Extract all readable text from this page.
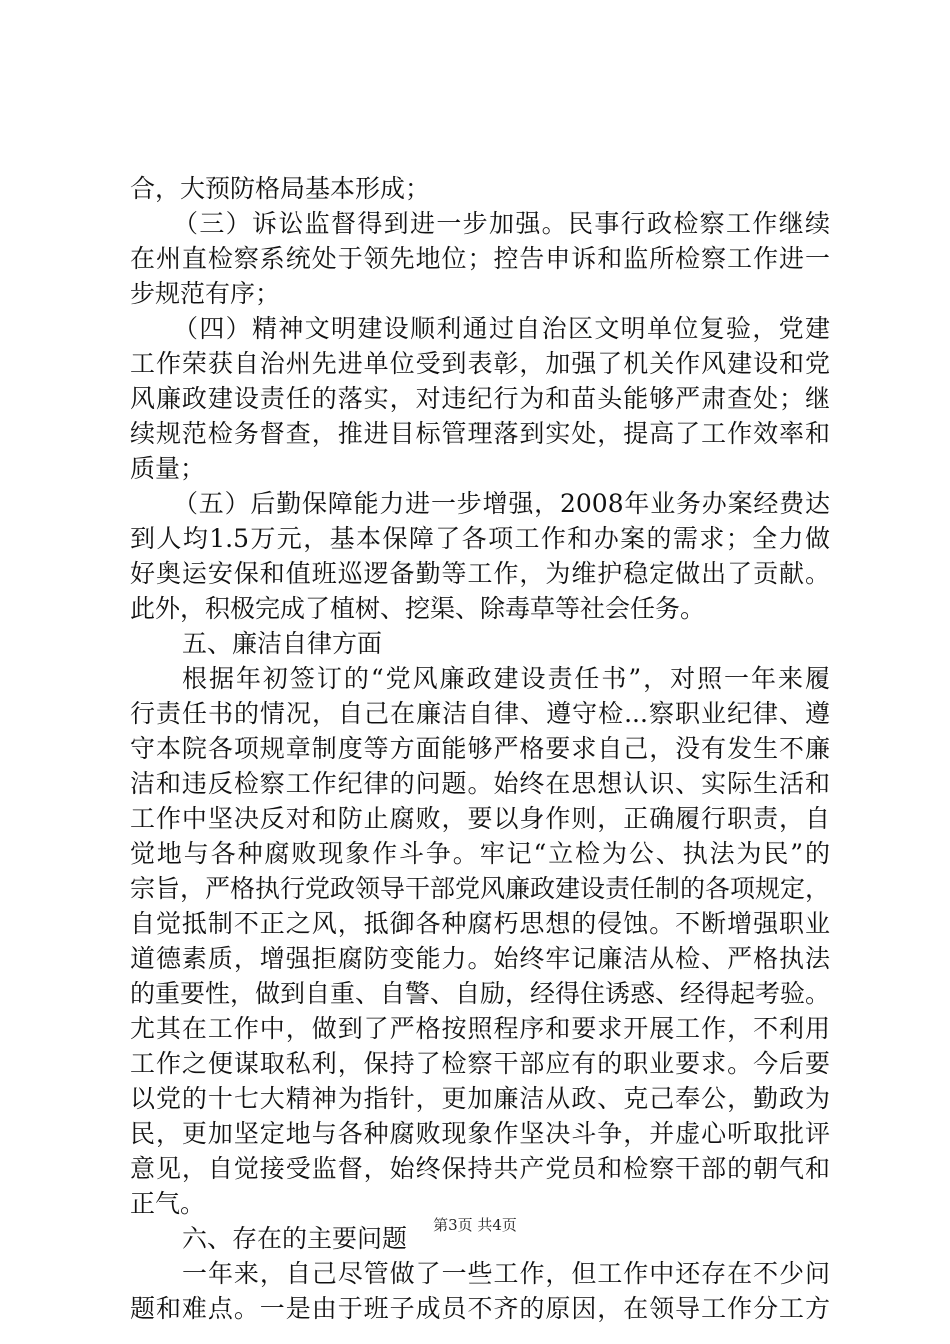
合，大预防格局基本形成；
（三）诉讼监督得到进一步加强。民事行政检察工作继续
在州直检察系统处于领先地位；控告申诉和监所检察工作进一
步规范有序；
（四）精神文明建设顺利通过自治区文明单位复验，党建
工作荣获自治州先进单位受到表彰，加强了机关作风建设和党
风廉政建设责任的落实，对违纪行为和苗头能够严肃查处；继
续规范检务督查，推进目标管理落到实处，提高了工作效率和
质量；
（五）后勤保障能力进一步增强，2008年业务办案经费达
到人均1.5万元，基本保障了各项工作和办案的需求；全力做
好奥运安保和值班巡逻备勤等工作，为维护稳定做出了贡献。
此外，积极完成了植树、挖渠、除毒草等社会任务。
五、廉洁自律方面
根据年初签订的“党风廉政建设责任书”，对照一年来履
行责任书的情况，自己在廉洁自律、遵守检...察职业纪律、遵
守本院各项规章制度等方面能够严格要求自己，没有发生不廉
洁和违反检察工作纪律的问题。始终在思想认识、实际生活和
工作中坚决反对和防止腐败，要以身作则，正确履行职责，自
觉地与各种腐败现象作斗争。牢记“立检为公、执法为民”的
宗旨，严格执行党政领导干部党风廉政建设责任制的各项规定，
自觉抵制不正之风，抵御各种腐朽思想的侵蚀。不断增强职业
道德素质，增强拒腐防变能力。始终牢记廉洁从检、严格执法
的重要性，做到自重、自警、自励，经得住诱惑、经得起考验。
尤其在工作中，做到了严格按照程序和要求开展工作，不利用
工作之便谋取私利，保持了检察干部应有的职业要求。今后要
以党的十七大精神为指针，更加廉洁从政、克己奉公，勤政为
民，更加坚定地与各种腐败现象作坚决斗争，并虚心听取批评
意见，自觉接受监督，始终保持共产党员和检察干部的朝气和
正气。
六、存在的主要问题
一年来，自己尽管做了一些工作，但工作中还存在不少问
题和难点。一是由于班子成员不齐的原因，在领导工作分工方
第3页 共4页
